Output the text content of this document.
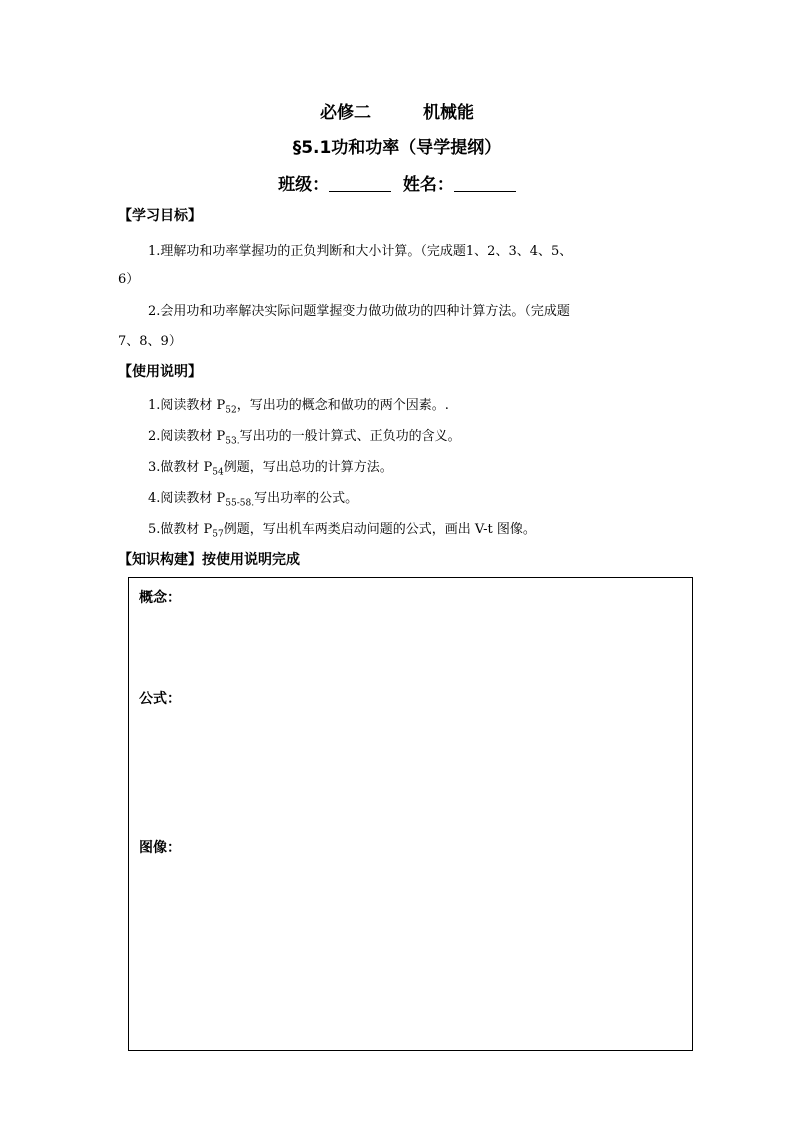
必修二	机械能
§5.1功和功率（导学提纲）
班级：	姓名：
【学习目标】
1.理解功和功率掌握功的正负判断和大小计算。（完成题1、2、3、4、5、
6）
2.会用功和功率解决实际问题掌握变力做功做功的四种计算方法。（完成题
7、8、9）
【使用说明】
1.阅读教材 $P_{52}$，写出功的概念和做功的两个因素。.
2.阅读教材 $P_{53.}$写出功的一般计算式、正负功的含义。
3.做教材 $P_{54}$例题，写出总功的计算方法。
4.阅读教材 $P_{55-58.}$写出功率的公式。
5.做教材 $P_{57}$例题，写出机车两类启动问题的公式，画出 V-t 图像。
【知识构建】按使用说明完成
概念：
公式：
图像：
